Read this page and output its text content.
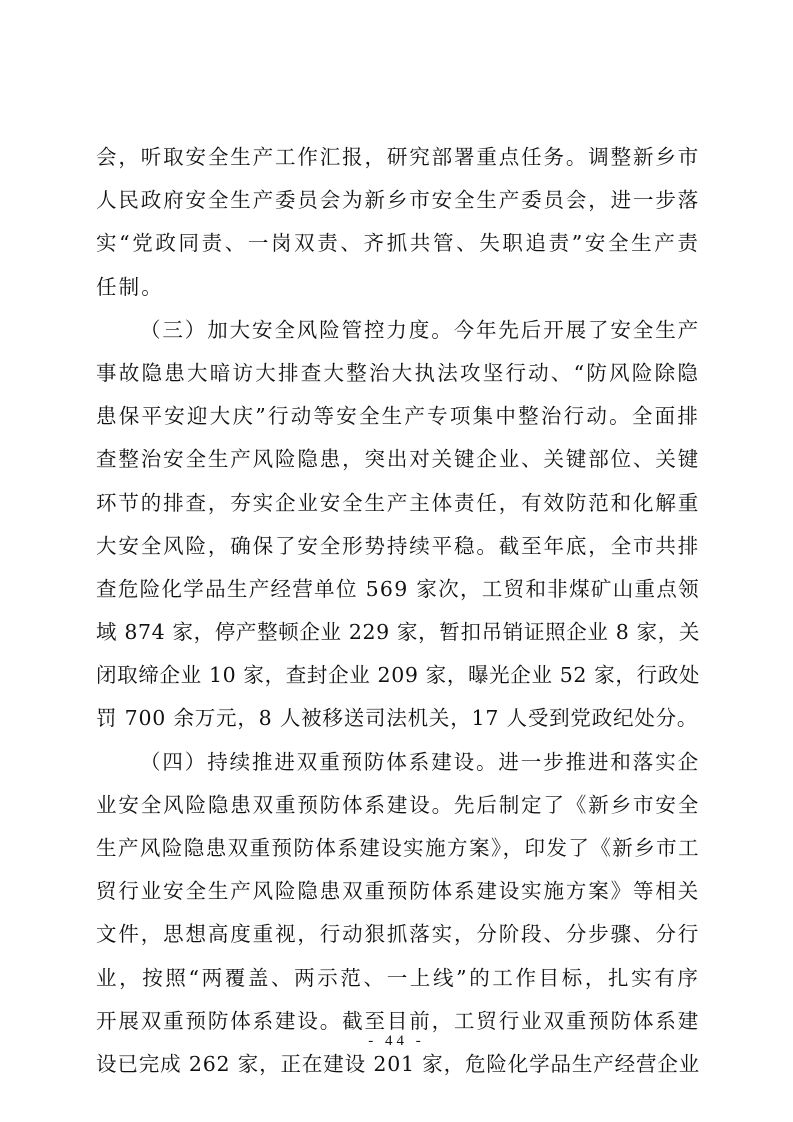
会，听取安全生产工作汇报，研究部署重点任务。调整新乡市
人民政府安全生产委员会为新乡市安全生产委员会，进一步落
实“党政同责、一岗双责、齐抓共管、失职追责”安全生产责
任制。
（三）加大安全风险管控力度。今年先后开展了安全生产
事故隐患大暗访大排查大整治大执法攻坚行动、“防风险除隐
患保平安迎大庆”行动等安全生产专项集中整治行动。全面排
查整治安全生产风险隐患，突出对关键企业、关键部位、关键
环节的排查，夯实企业安全生产主体责任，有效防范和化解重
大安全风险，确保了安全形势持续平稳。截至年底，全市共排
查危险化学品生产经营单位 569 家次，工贸和非煤矿山重点领
域 874 家，停产整顿企业 229 家，暂扣吊销证照企业 8 家，关
闭取缔企业 10 家，查封企业 209 家，曝光企业 52 家，行政处
罚 700 余万元，8 人被移送司法机关，17 人受到党政纪处分。
（四）持续推进双重预防体系建设。进一步推进和落实企
业安全风险隐患双重预防体系建设。先后制定了《新乡市安全
生产风险隐患双重预防体系建设实施方案》，印发了《新乡市工
贸行业安全生产风险隐患双重预防体系建设实施方案》等相关
文件，思想高度重视，行动狠抓落实，分阶段、分步骤、分行
业，按照“两覆盖、两示范、一上线”的工作目标，扎实有序
开展双重预防体系建设。截至目前，工贸行业双重预防体系建
设已完成 262 家，正在建设 201 家，危险化学品生产经营企业
- 44 -
